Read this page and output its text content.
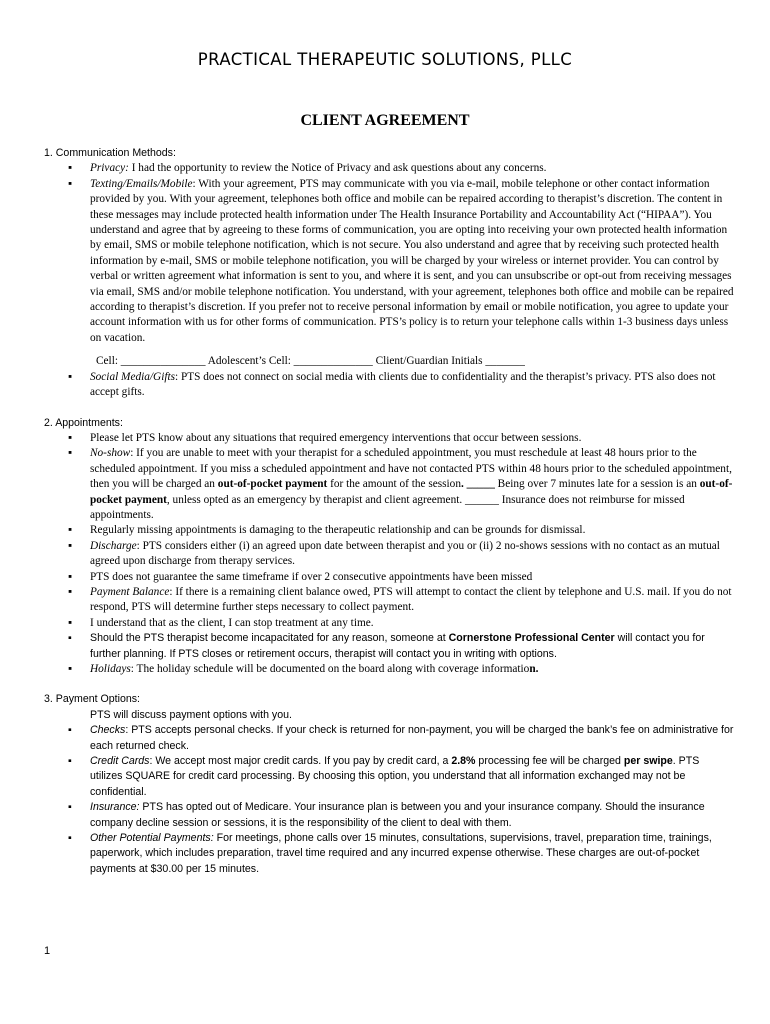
PRACTICAL THERAPEUTIC SOLUTIONS, PLLC
CLIENT AGREEMENT
1. Communication Methods:
▪ Privacy: I had the opportunity to review the Notice of Privacy and ask questions about any concerns.
▪ Texting/Emails/Mobile: With your agreement, PTS may communicate with you via e-mail, mobile telephone or other contact information provided by you. With your agreement, telephones both office and mobile can be repaired according to therapist’s discretion. The content in these messages may include protected health information under The Health Insurance Portability and Accountability Act (“HIPAA”). You understand and agree that by agreeing to these forms of communication, you are opting into receiving your own protected health information by email, SMS or mobile telephone notification, which is not secure. You also understand and agree that by receiving such protected health information by e-mail, SMS or mobile telephone notification, you will be charged by your wireless or internet provider. You can control by verbal or written agreement what information is sent to you, and where it is sent, and you can unsubscribe or opt-out from receiving messages via email, SMS and/or mobile telephone notification. You understand, with your agreement, telephones both office and mobile can be repaired according to therapist’s discretion. If you prefer not to receive personal information by email or mobile notification, you agree to update your account information with us for other forms of communication. PTS’s policy is to return your telephone calls within 1-3 business days unless on vacation.
Cell: _______________ Adolescent’s Cell: ______________ Client/Guardian Initials _______
▪ Social Media/Gifts: PTS does not connect on social media with clients due to confidentiality and the therapist’s privacy. PTS also does not accept gifts.
2. Appointments:
▪ Please let PTS know about any situations that required emergency interventions that occur between sessions.
▪ No-show: If you are unable to meet with your therapist for a scheduled appointment, you must reschedule at least 48 hours prior to the scheduled appointment. If you miss a scheduled appointment and have not contacted PTS within 48 hours prior to the scheduled appointment, then you will be charged an out-of-pocket payment for the amount of the session. _____ Being over 7 minutes late for a session is an out-of-pocket payment, unless opted as an emergency by therapist and client agreement. ______ Insurance does not reimburse for missed appointments.
▪ Regularly missing appointments is damaging to the therapeutic relationship and can be grounds for dismissal.
▪ Discharge: PTS considers either (i) an agreed upon date between therapist and you or (ii) 2 no-shows sessions with no contact as an mutual agreed upon discharge from therapy services.
▪ PTS does not guarantee the same timeframe if over 2 consecutive appointments have been missed
▪ Payment Balance: If there is a remaining client balance owed, PTS will attempt to contact the client by telephone and U.S. mail. If you do not respond, PTS will determine further steps necessary to collect payment.
▪ I understand that as the client, I can stop treatment at any time.
▪ Should the PTS therapist become incapacitated for any reason, someone at Cornerstone Professional Center will contact you for further planning. If PTS closes or retirement occurs, therapist will contact you in writing with options.
▪ Holidays: The holiday schedule will be documented on the board along with coverage information.
3. Payment Options:
PTS will discuss payment options with you.
▪ Checks: PTS accepts personal checks. If your check is returned for non-payment, you will be charged the bank’s fee on administrative for each returned check.
▪ Credit Cards: We accept most major credit cards. If you pay by credit card, a 2.8% processing fee will be charged per swipe. PTS utilizes SQUARE for credit card processing. By choosing this option, you understand that all information exchanged may not be confidential.
▪ Insurance: PTS has opted out of Medicare. Your insurance plan is between you and your insurance company. Should the insurance company decline session or sessions, it is the responsibility of the client to deal with them.
▪ Other Potential Payments: For meetings, phone calls over 15 minutes, consultations, supervisions, travel, preparation time, trainings, paperwork, which includes preparation, travel time required and any incurred expense otherwise. These charges are out-of-pocket payments at $30.00 per 15 minutes.
1
